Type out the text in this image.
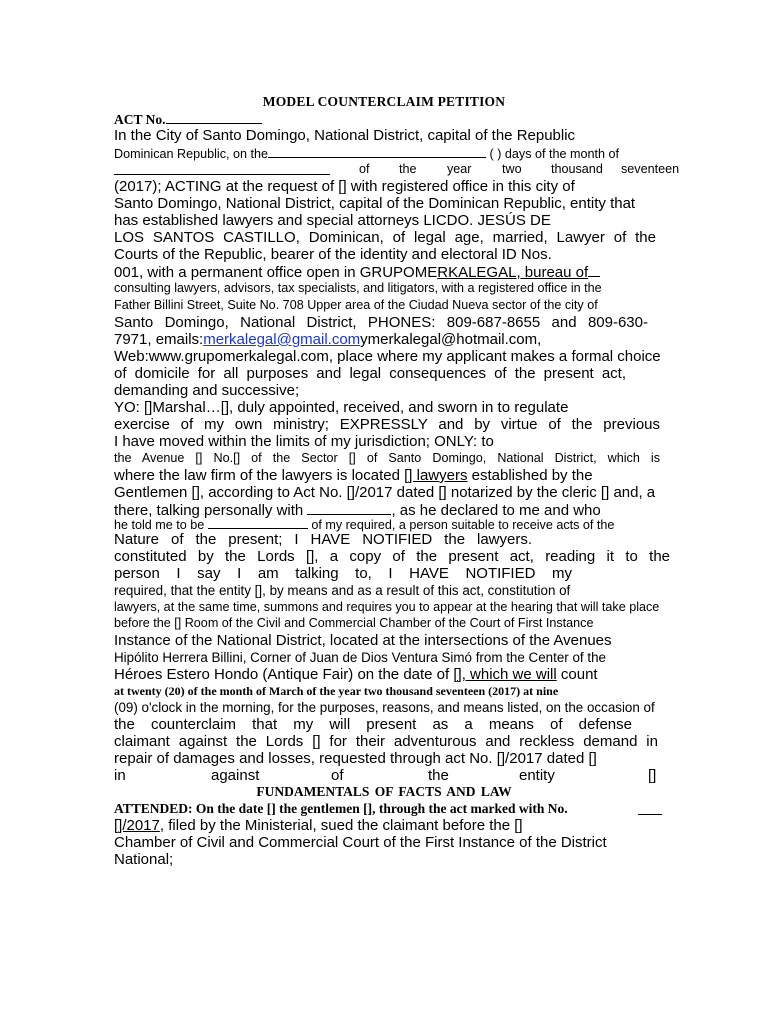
MODEL COUNTERCLAIM PETITION
ACT No.
In the City of Santo Domingo, National District, capital of the Republic
Dominican Republic, on the	( ) days of the month of
of the year two thousand seventeen
(2017); ACTING at the request of [] with registered office in this city of
Santo Domingo, National District, capital of the Dominican Republic, entity that
has established lawyers and special attorneys LICDO. JESÚS DE
LOS SANTOS CASTILLO, Dominican, of legal age, married, Lawyer of the
Courts of the Republic, bearer of the identity and electoral ID Nos.
001, with a permanent office open in GRUPOMERKALEGAL, bureau of
consulting lawyers, advisors, tax specialists, and litigators, with a registered office in the
Father Billini Street, Suite No. 708 Upper area of the Ciudad Nueva sector of the city of
Santo Domingo, National District, PHONES: 809-687-8655 and 809-630-
7971, emails:merkalegal@gmail.comymerkalegal@hotmail.com,
Web:www.grupomerkalegal.com, place where my applicant makes a formal choice
of domicile for all purposes and legal consequences of the present act,
demanding and successive;
YO: []Marshal…[], duly appointed, received, and sworn in to regulate
exercise of my own ministry; EXPRESSLY and by virtue of the previous
I have moved within the limits of my jurisdiction; ONLY: to
the Avenue [] No.[] of the Sector [] of Santo Domingo, National District, which is
where the law firm of the lawyers is located [] lawyers established by the
Gentlemen [], according to Act No. []/2017 dated [] notarized by the cleric [] and, a
there, talking personally with	, as he declared to me and who
he told me to be	of my required, a person suitable to receive acts of the
Nature of the present; I HAVE NOTIFIED the lawyers.
constituted by the Lords [], a copy of the present act, reading it to the
person I say I am talking to, I HAVE NOTIFIED my
required, that the entity [], by means and as a result of this act, constitution of
lawyers, at the same time, summons and requires you to appear at the hearing that will take place
before the [] Room of the Civil and Commercial Chamber of the Court of First Instance
Instance of the National District, located at the intersections of the Avenues
Hipólito Herrera Billini, Corner of Juan de Dios Ventura Simó from the Center of the
Héroes Estero Hondo (Antique Fair) on the date of [], which we will count
at twenty (20) of the month of March of the year two thousand seventeen (2017) at nine
(09) o'clock in the morning, for the purposes, reasons, and means listed, on the occasion of
the counterclaim that my will present as a means of defense
claimant against the Lords [] for their adventurous and reckless demand in
repair of damages and losses, requested through act No. []/2017 dated []
in	against	of	the	entity	[]
FUNDAMENTALS OF FACTS AND LAW
ATTENDED: On the date [] the gentlemen [], through the act marked with No.
[]/2017, filed by the Ministerial, sued the claimant before the []
Chamber of Civil and Commercial Court of the First Instance of the District
National;
